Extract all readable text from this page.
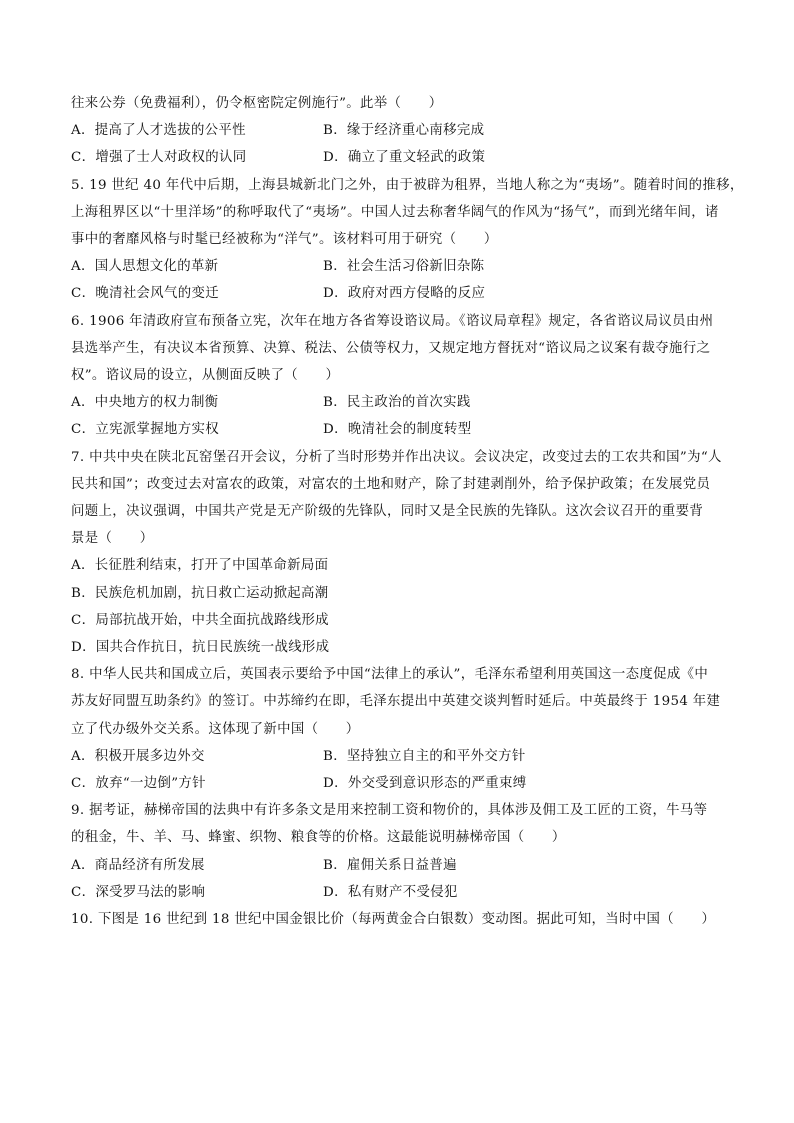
往来公券（免费福利），仍令枢密院定例施行”。此举（　　）

A．提高了人才选拔的公平性	B．缘于经济重心南移完成
C．增强了士人对政权的认同	D．确立了重文轻武的政策

5. 19 世纪 40 年代中后期，上海县城新北门之外，由于被辟为租界，当地人称之为“夷场”。随着时间的推移，
上海租界区以“十里洋场”的称呼取代了“夷场”。中国人过去称奢华阔气的作风为“扬气”，而到光绪年间，诸
事中的奢靡风格与时髦已经被称为“洋气”。该材料可用于研究（　　）

A．国人思想文化的革新	B．社会生活习俗新旧杂陈
C．晚清社会风气的变迁	D．政府对西方侵略的反应

6. 1906 年清政府宣布预备立宪，次年在地方各省筹设谘议局。《谘议局章程》规定，各省谘议局议员由州
县选举产生，有决议本省预算、决算、税法、公债等权力，又规定地方督抚对“谘议局之议案有裁夺施行之
权”。谘议局的设立，从侧面反映了（　　）

A．中央地方的权力制衡	B．民主政治的首次实践
C．立宪派掌握地方实权	D．晚清社会的制度转型

7. 中共中央在陕北瓦窑堡召开会议，分析了当时形势并作出决议。会议决定，改变过去的工农共和国”为“人
民共和国”；改变过去对富农的政策，对富农的土地和财产，除了封建剥削外，给予保护政策；在发展党员
问题上，决议强调，中国共产党是无产阶级的先锋队，同时又是全民族的先锋队。这次会议召开的重要背
景是（　　）

A．长征胜利结束，打开了中国革命新局面
B．民族危机加剧，抗日救亡运动掀起高潮
C．局部抗战开始，中共全面抗战路线形成
D．国共合作抗日，抗日民族统一战线形成

8. 中华人民共和国成立后，英国表示要给予中国“法律上的承认”，毛泽东希望利用英国这一态度促成《中
苏友好同盟互助条约》的签订。中苏缔约在即，毛泽东提出中英建交谈判暂时延后。中英最终于 1954 年建
立了代办级外交关系。这体现了新中国（　　）

A．积极开展多边外交	B．坚持独立自主的和平外交方针
C．放弃“一边倒”方针	D．外交受到意识形态的严重束缚

9. 据考证，赫梯帝国的法典中有许多条文是用来控制工资和物价的，具体涉及佣工及工匠的工资，牛马等
的租金，牛、羊、马、蜂蜜、织物、粮食等的价格。这最能说明赫梯帝国（　　）

A．商品经济有所发展	B．雇佣关系日益普遍
C．深受罗马法的影响	D．私有财产不受侵犯

10. 下图是 16 世纪到 18 世纪中国金银比价（每两黄金合白银数）变动图。据此可知，当时中国（　　）
